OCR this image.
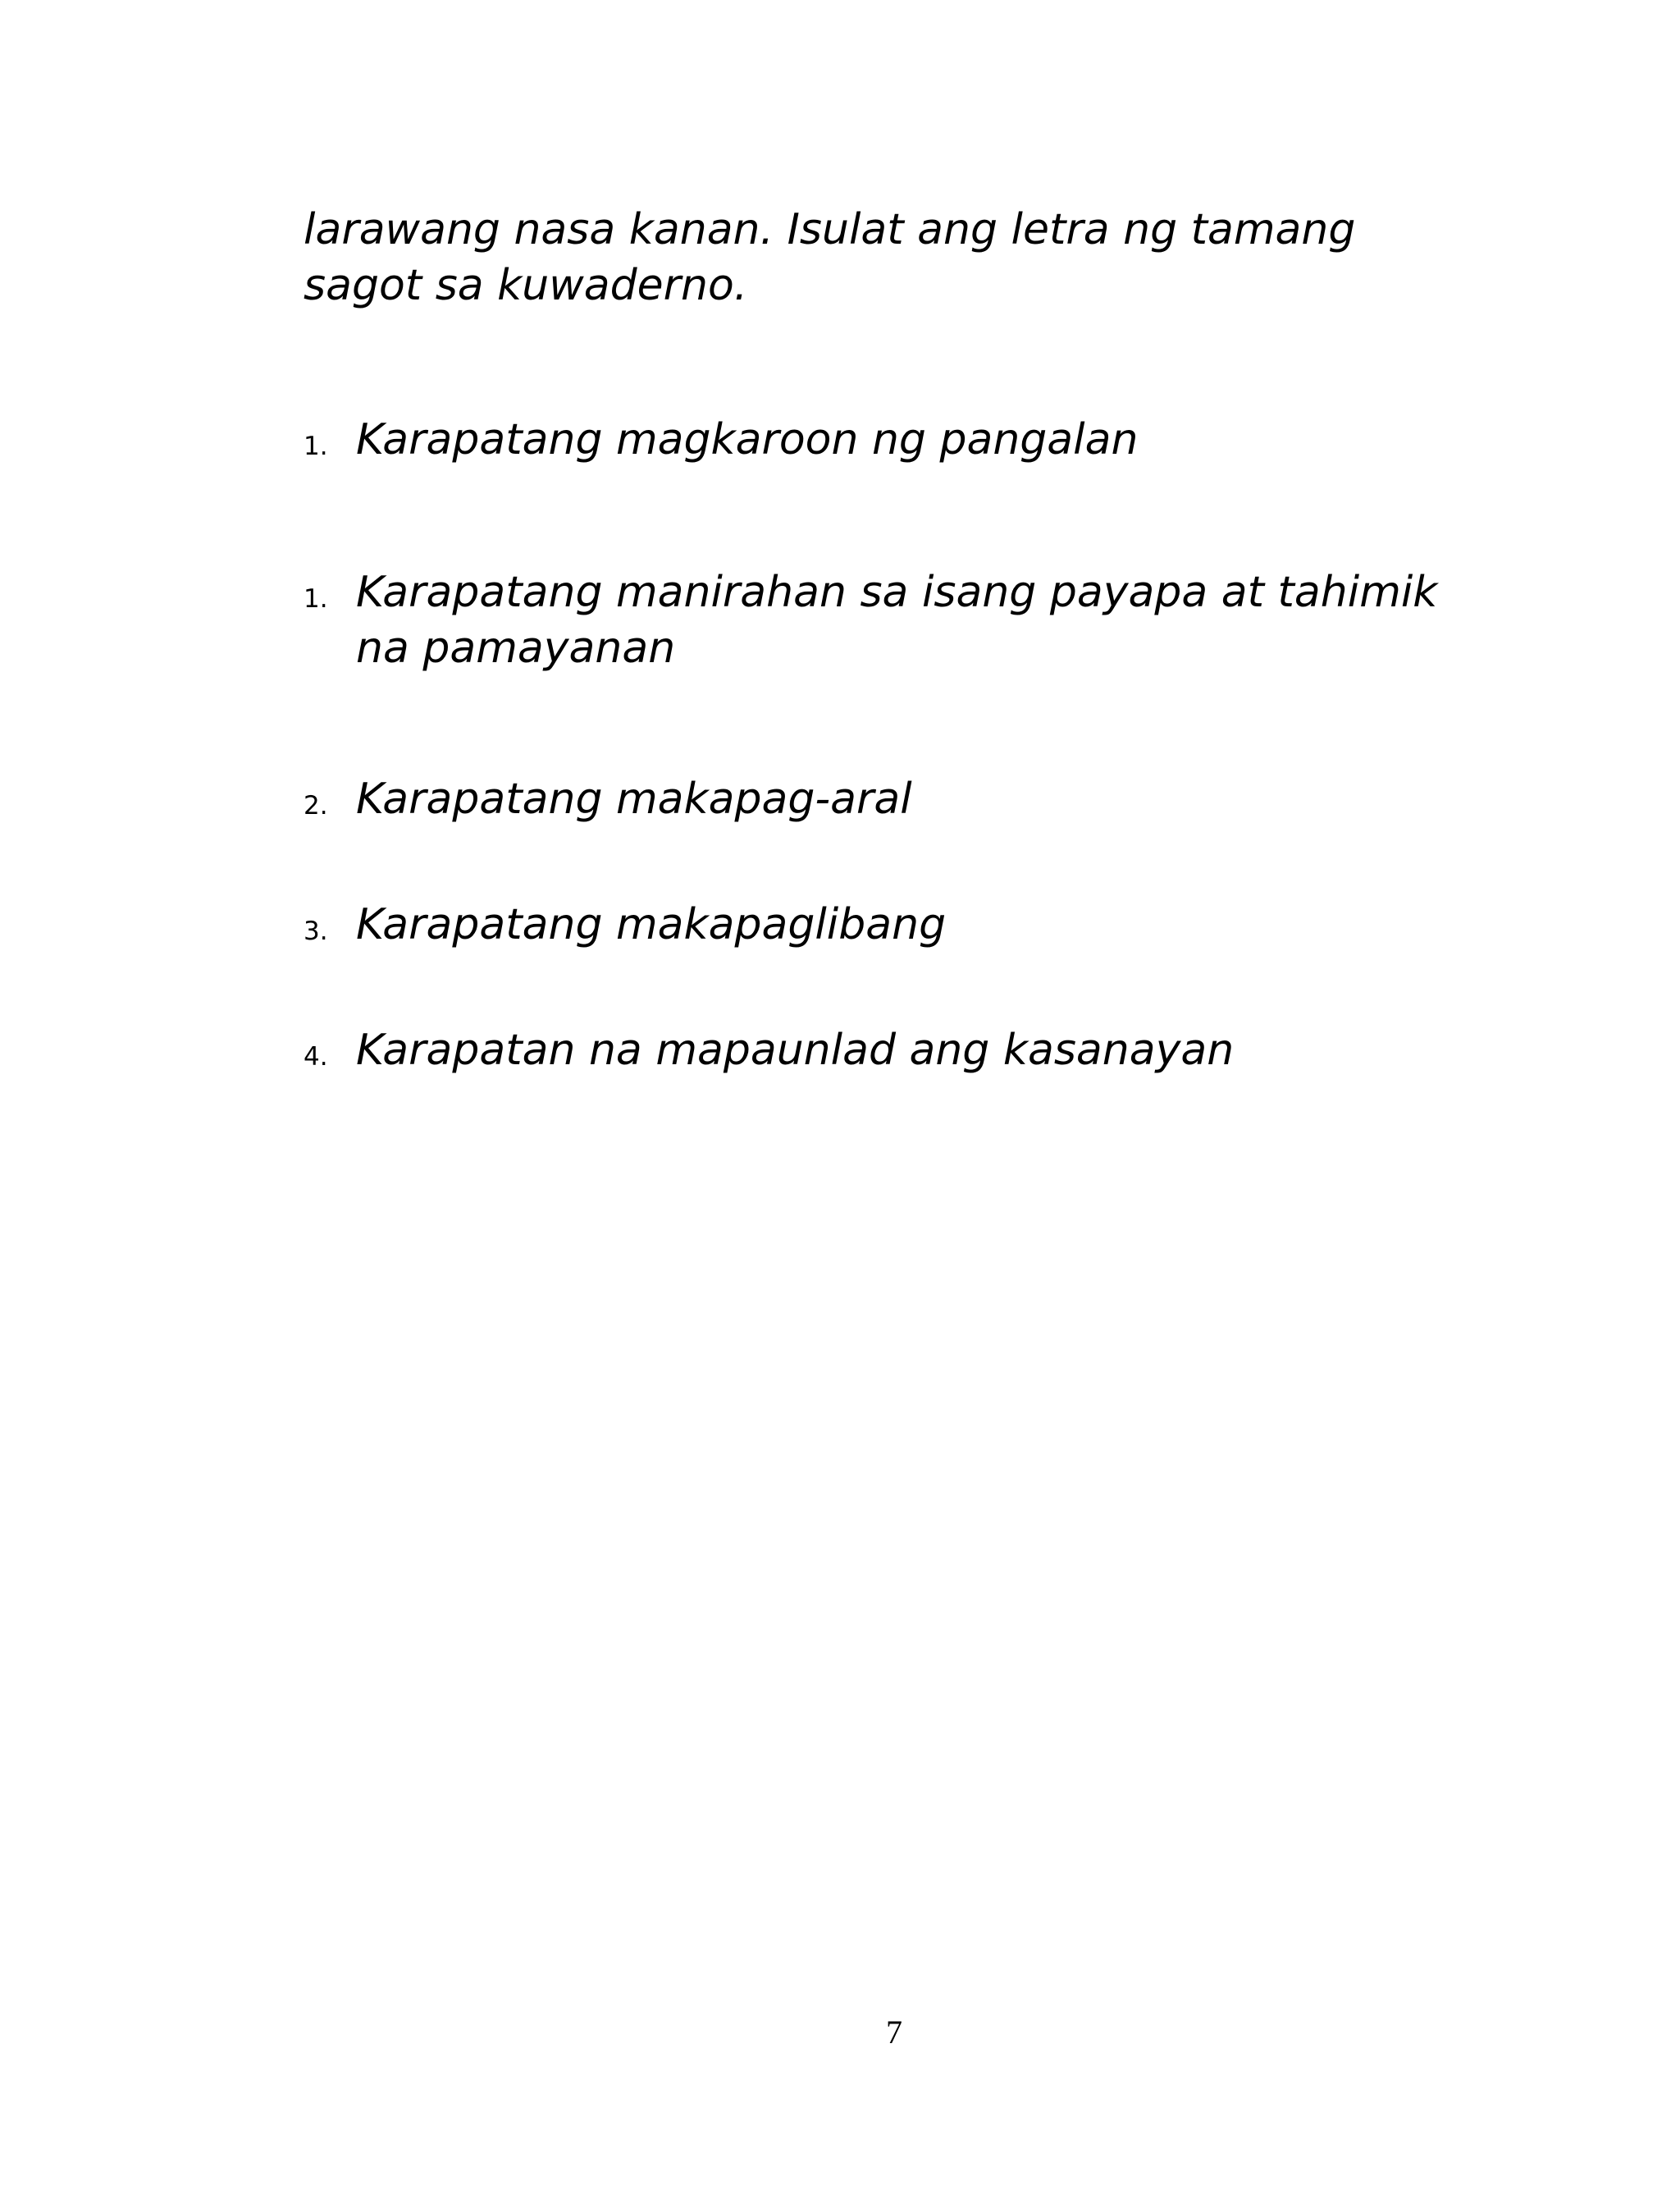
larawang nasa kanan. Isulat ang letra ng tamang sagot sa kuwaderno.

1. Karapatang magkaroon ng pangalan
1. Karapatang manirahan sa isang payapa at tahimik na pamayanan
2. Karapatang makapag-aral
3. Karapatang makapaglibang
4. Karapatan na mapaunlad ang kasanayan
7
